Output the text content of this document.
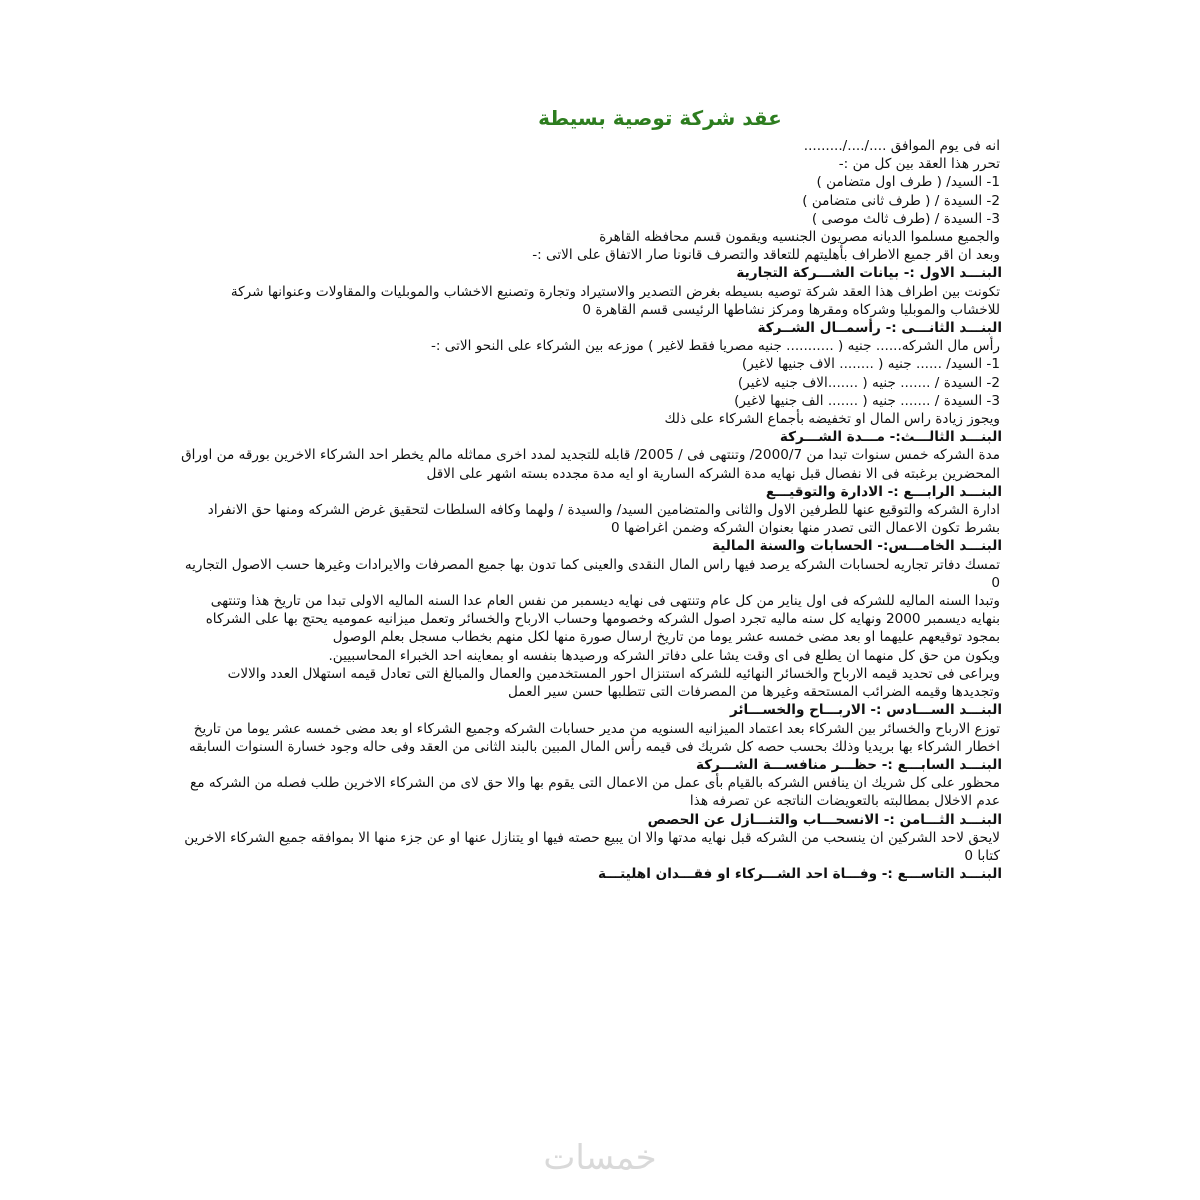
عقد شركة توصية بسيطة
انه فى يوم الموافق ..../..../.........
تحرر هذا العقد بين كل من :-
1- السيد/ ( طرف اول متضامن )
2- السيدة / ( طرف ثانى متضامن )
3- السيدة / (طرف ثالث موصى )
والجميع مسلموا الديانه مصريون الجنسيه ويقمون قسم محافظه القاهرة
وبعد ان اقر جميع الاطراف بأهليتهم للتعاقد والتصرف قانونا صار الاتفاق على الاتى :-
البنـــد الاول :- بيانات الشـــركة التجارية

تكونت بين اطراف هذا العقد شركة توصيه بسيطه بغرض التصدير والاستيراد وتجارة وتصنيع الاخشاب والموبليات والمقاولات وعنوانها شركة للاخشاب والموبليا وشركاه ومقرها ومركز نشاطها الرئيسى قسم القاهرة 0

البنـــد الثانـــى :- رأسمــال الشــركة

رأس مال الشركه...... جنيه ( ........... جنيه مصريا فقط لاغير ) موزعه بين الشركاء على النحو الاتى :-

1- السيد/ ...... جنيه ( ........ الاف جنيها لاغير)
2- السيدة / ....... جنيه ( .......الاف جنيه لاغير)
3- السيدة / ....... جنيه ( ....... الف جنيها لاغير)
ويجوز زيادة راس المال او تخفيضه بأجماع الشركاء على ذلك
البنـــد الثالـــث:- مـــدة الشـــركة

مدة الشركه خمس سنوات تبدا من 2000/7/ وتنتهى فى / 2005/ قابله للتجديد لمدد اخرى مماثله مالم يخطر احد الشركاء الاخرين بورقه من اوراق المحضرين برغبته فى الا نفصال قبل نهايه مدة الشركه السارية او ايه مدة مجدده بسته اشهر على الاقل

البنـــد الرابـــع :- الادارة والتوقيـــع

ادارة الشركه والتوقيع عنها للطرفين الاول والثانى والمتضامين السيد/ والسيدة / ولهما وكافه السلطات لتحقيق غرض الشركه ومنها حق الانفراد بشرط تكون الاعمال التى تصدر منها بعنوان الشركه وضمن اغراضها 0

البنـــد الخامـــس:- الحسابات والسنة المالية

تمسك دفاتر تجاريه لحسابات الشركه يرصد فيها راس المال النقدى والعينى كما تدون بها جميع المصرفات والايرادات وغيرها حسب الاصول التجاريه 0

وتبدا السنه الماليه للشركه فى اول يناير من كل عام وتنتهى فى نهايه ديسمبر من نفس العام عدا السنه الماليه الاولى تبدا من تاريخ هذا وتنتهى بنهايه ديسمبر 2000 ونهايه كل سنه ماليه تجرد اصول الشركه وخصومها وحساب الارباح والخسائر وتعمل ميزانيه عموميه يحتج بها على الشركاه بمجود توقيعهم عليهما او بعد مضى خمسه عشر يوما من تاريخ ارسال صورة منها لكل منهم بخطاب مسجل بعلم الوصول

ويكون من حق كل منهما ان يطلع فى اى وقت يشا على دفاتر الشركه ورصيدها بنفسه او بمعاينه احد الخبراء المحاسبيين.

ويراعى فى تحديد قيمه الارباح والخسائر النهائيه للشركه استنزال احور المستخدمين والعمال والمبالغ التى تعادل قيمه استهلال العدد والالات وتجديدها وقيمه الضرائب المستحقه وغيرها من المصرفات التى تتطلبها حسن سير العمل

البنـــد الســـادس :- الاربـــاح والخســـائر

توزع الارباح والخسائر بين الشركاء بعد اعتماد الميزانيه السنويه من مدير حسابات الشركه وجميع الشركاء او بعد مضى خمسه عشر يوما من تاريخ اخطار الشركاء بها بريديا وذلك بحسب حصه كل شريك فى قيمه رأس المال المبين بالبند الثانى من العقد وفى حاله وجود خسارة السنوات السابقه

البنـــد السابـــع :- حظـــر منافســـة الشـــركة

محظور على كل شريك ان ينافس الشركه بالقيام بأى عمل من الاعمال التى يقوم بها والا حق لاى من الشركاء الاخرين طلب فصله من الشركه مع عدم الاخلال بمطالبته بالتعويضات الناتجه عن تصرفه هذا

البنـــد الثـــامن :- الانسحـــاب والتنـــازل عن الحصص

لايحق لاحد الشركين ان ينسحب من الشركه قبل نهايه مدتها والا ان يبيع حصته فيها او يتنازل عنها او عن جزء منها الا بموافقه جميع الشركاء الاخرين كتابا 0

البنـــد التاســـع :- وفـــاة احد الشـــركاء او فقـــدان اهليتـــة
خمسات
